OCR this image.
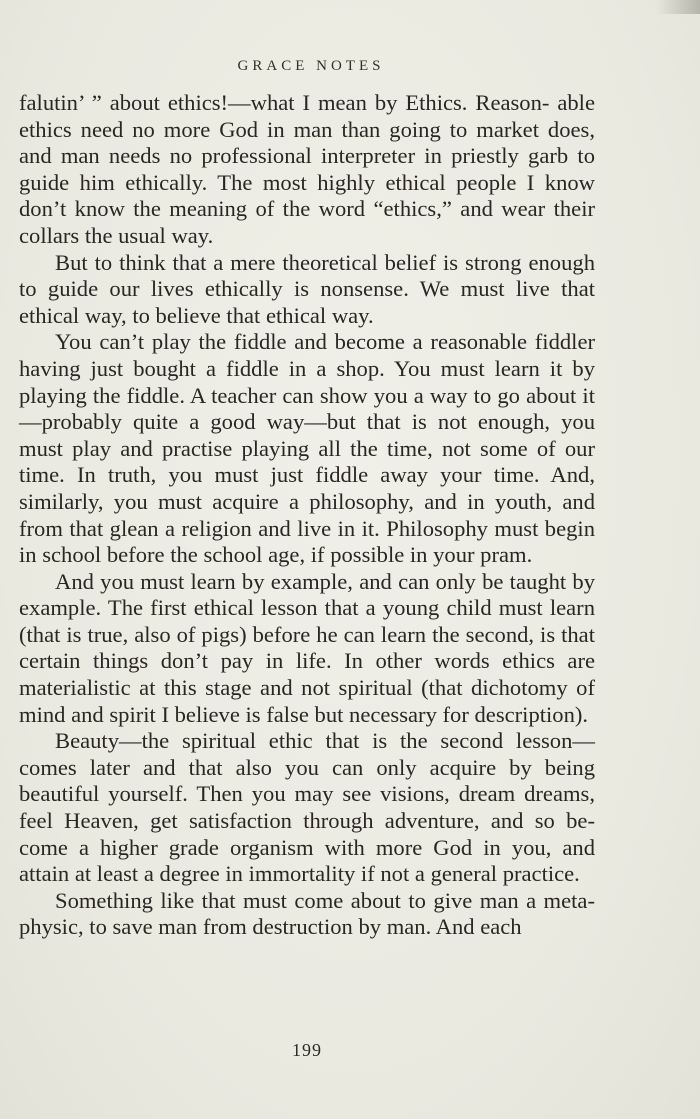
GRACE NOTES

falutin’ ” about ethics!—what I mean by Ethics. Reason- able ethics need no more God in man than going to market does, and man needs no professional interpreter in priestly garb to guide him ethically. The most highly ethical people I know don’t know the meaning of the word “ethics,” and wear their collars the usual way.

But to think that a mere theoretical belief is strong enough to guide our lives ethically is nonsense. We must live that ethical way, to believe that ethical way.

You can’t play the fiddle and become a reasonable fiddler having just bought a fiddle in a shop. You must learn it by playing the fiddle. A teacher can show you a way to go about it—probably quite a good way—but that is not enough, you must play and practise playing all the time, not some of our time. In truth, you must just fiddle away your time. And, similarly, you must acquire a philosophy, and in youth, and from that glean a religion and live in it. Philosophy must begin in school before the school age, if possible in your pram.

And you must learn by example, and can only be taught by example. The first ethical lesson that a young child must learn (that is true, also of pigs) before he can learn the second, is that certain things don’t pay in life. In other words ethics are materialistic at this stage and not spiritual (that dichotomy of mind and spirit I believe is false but necessary for description).

Beauty—the spiritual ethic that is the second lesson— comes later and that also you can only acquire by being beautiful yourself. Then you may see visions, dream dreams, feel Heaven, get satisfaction through adventure, and so be- come a higher grade organism with more God in you, and attain at least a degree in immortality if not a general practice.

Something like that must come about to give man a meta- physic, to save man from destruction by man. And each

199
